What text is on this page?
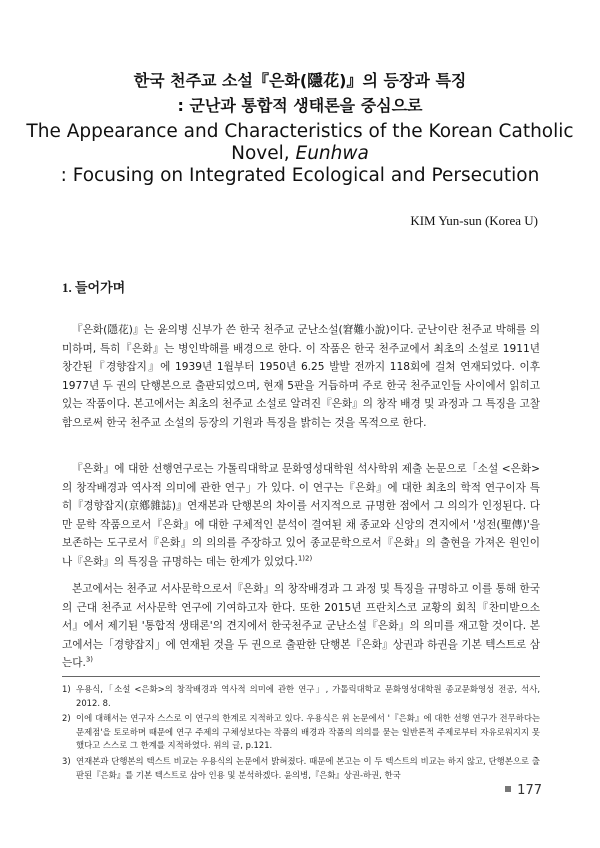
한국 천주교 소설『은화(隱花)』의 등장과 특징
: 군난과 통합적 생태론을 중심으로
The Appearance and Characteristics of the Korean Catholic
Novel, Eunhwa
: Focusing on Integrated Ecological and Persecution
KIM Yun-sun (Korea U)
1. 들어가며

『은화(隱花)』는 윤의병 신부가 쓴 한국 천주교 군난소설(窘難小說)이다. 군난이란 천주교 박해를 의미하며, 특히『은화』는 병인박해를 배경으로 한다. 이 작품은 한국 천주교에서 최초의 소설로 1911년 창간된『경향잡지』에 1939년 1월부터 1950년 6.25 발발 전까지 118회에 걸쳐 연재되었다. 이후 1977년 두 권의 단행본으로 출판되었으며, 현재 5판을 거듭하며 주로 한국 천주교인들 사이에서 읽히고 있는 작품이다. 본고에서는 최초의 천주교 소설로 알려진『은화』의 창작 배경 및 과정과 그 특징을 고찰함으로써 한국 천주교 소설의 등장의 기원과 특징을 밝히는 것을 목적으로 한다.

『은화』에 대한 선행연구로는 가톨릭대학교 문화영성대학원 석사학위 제출 논문으로「소설 <은화>의 창작배경과 역사적 의미에 관한 연구」가 있다. 이 연구는『은화』에 대한 최초의 학적 연구이자 특히『경향잡지(京鄕雜誌)』연재본과 단행본의 차이를 서지적으로 규명한 점에서 그 의의가 인정된다. 다만 문학 작품으로서『은화』에 대한 구체적인 분석이 결여된 채 종교와 신앙의 견지에서 '성전(聖傳)'을 보존하는 도구로서『은화』의 의의를 주장하고 있어 종교문학으로서『은화』의 출현을 가져온 원인이나『은화』의 특징을 규명하는 데는 한계가 있었다.$^{1)2)}$

본고에서는 천주교 서사문학으로서『은화』의 창작배경과 그 과정 및 특징을 규명하고 이를 통해 한국의 근대 천주교 서사문학 연구에 기여하고자 한다. 또한 2015년 프란치스코 교황의 회칙『찬미받으소서』에서 제기된 '통합적 생태론'의 견지에서 한국천주교 군난소설『은화』의 의미를 재고할 것이다. 본고에서는「경향잡지」에 연재된 것을 두 권으로 출판한 단행본『은화』상권과 하권을 기본 텍스트로 삼는다.$^{3)}$

1) 우용식,「소설 <은화>의 창작배경과 역사적 의미에 관한 연구」, 가톨릭대학교 문화영성대학원 종교문화영성 전공, 석사, 2012. 8.
2) 이에 대해서는 연구자 스스로 이 연구의 한계로 지적하고 있다. 우용식은 위 논문에서 '『은화』에 대한 선행 연구가 전무하다는 문제점'을 토로하며 때문에 연구 주제의 구체성보다는 작품의 배경과 작품의 의의를 묻는 일반론적 주제로부터 자유로워지지 못했다고 스스로 그 한계를 지적하였다. 위의 글, p.121.
3) 연재본과 단행본의 텍스트 비교는 우용식의 논문에서 밝혀졌다. 때문에 본고는 이 두 텍스트의 비교는 하지 않고, 단행본으로 출판된『은화』를 기본 텍스트로 삼아 인용 및 분석하겠다. 윤의병,『은화』상권-하권, 한국
177
